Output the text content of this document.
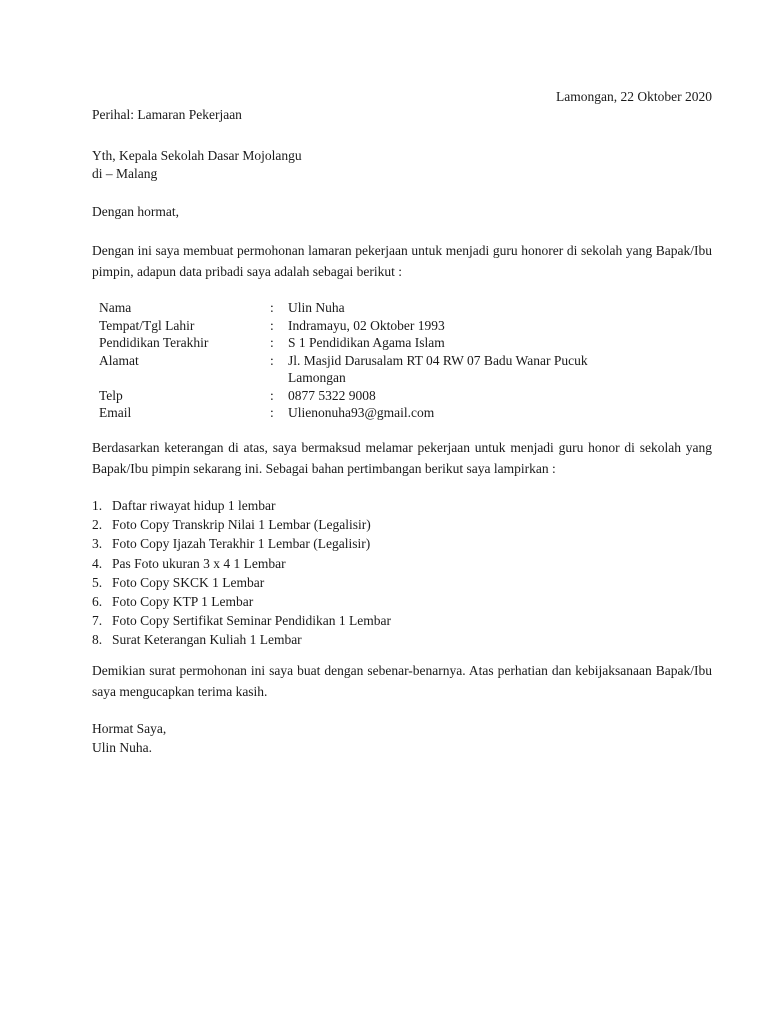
Lamongan, 22 Oktober 2020
Perihal: Lamaran Pekerjaan
Yth, Kepala Sekolah Dasar Mojolangu
di – Malang
Dengan hormat,
Dengan ini saya membuat permohonan lamaran pekerjaan untuk menjadi guru honorer di sekolah yang Bapak/Ibu pimpin, adapun data pribadi saya adalah sebagai berikut :
Nama	:	Ulin Nuha
Tempat/Tgl Lahir	:	Indramayu, 02 Oktober 1993
Pendidikan Terakhir	:	S 1 Pendidikan Agama Islam
Alamat	:	Jl. Masjid Darusalam RT 04 RW 07 Badu Wanar Pucuk
Lamongan
Telp	:	0877 5322 9008
Email	:	Ulienonuha93@gmail.com
Berdasarkan keterangan di atas, saya bermaksud melamar pekerjaan untuk menjadi guru honor di sekolah yang Bapak/Ibu pimpin sekarang ini. Sebagai bahan pertimbangan berikut saya lampirkan :
1. Daftar riwayat hidup 1 lembar
2. Foto Copy Transkrip Nilai 1 Lembar (Legalisir)
3. Foto Copy Ijazah Terakhir 1 Lembar (Legalisir)
4. Pas Foto ukuran 3 x 4 1 Lembar
5. Foto Copy SKCK 1 Lembar
6. Foto Copy KTP 1 Lembar
7. Foto Copy Sertifikat Seminar Pendidikan 1 Lembar
8. Surat Keterangan Kuliah 1 Lembar
Demikian surat permohonan ini saya buat dengan sebenar-benarnya. Atas perhatian dan kebijaksanaan Bapak/Ibu saya mengucapkan terima kasih.
Hormat Saya,
Ulin Nuha.
